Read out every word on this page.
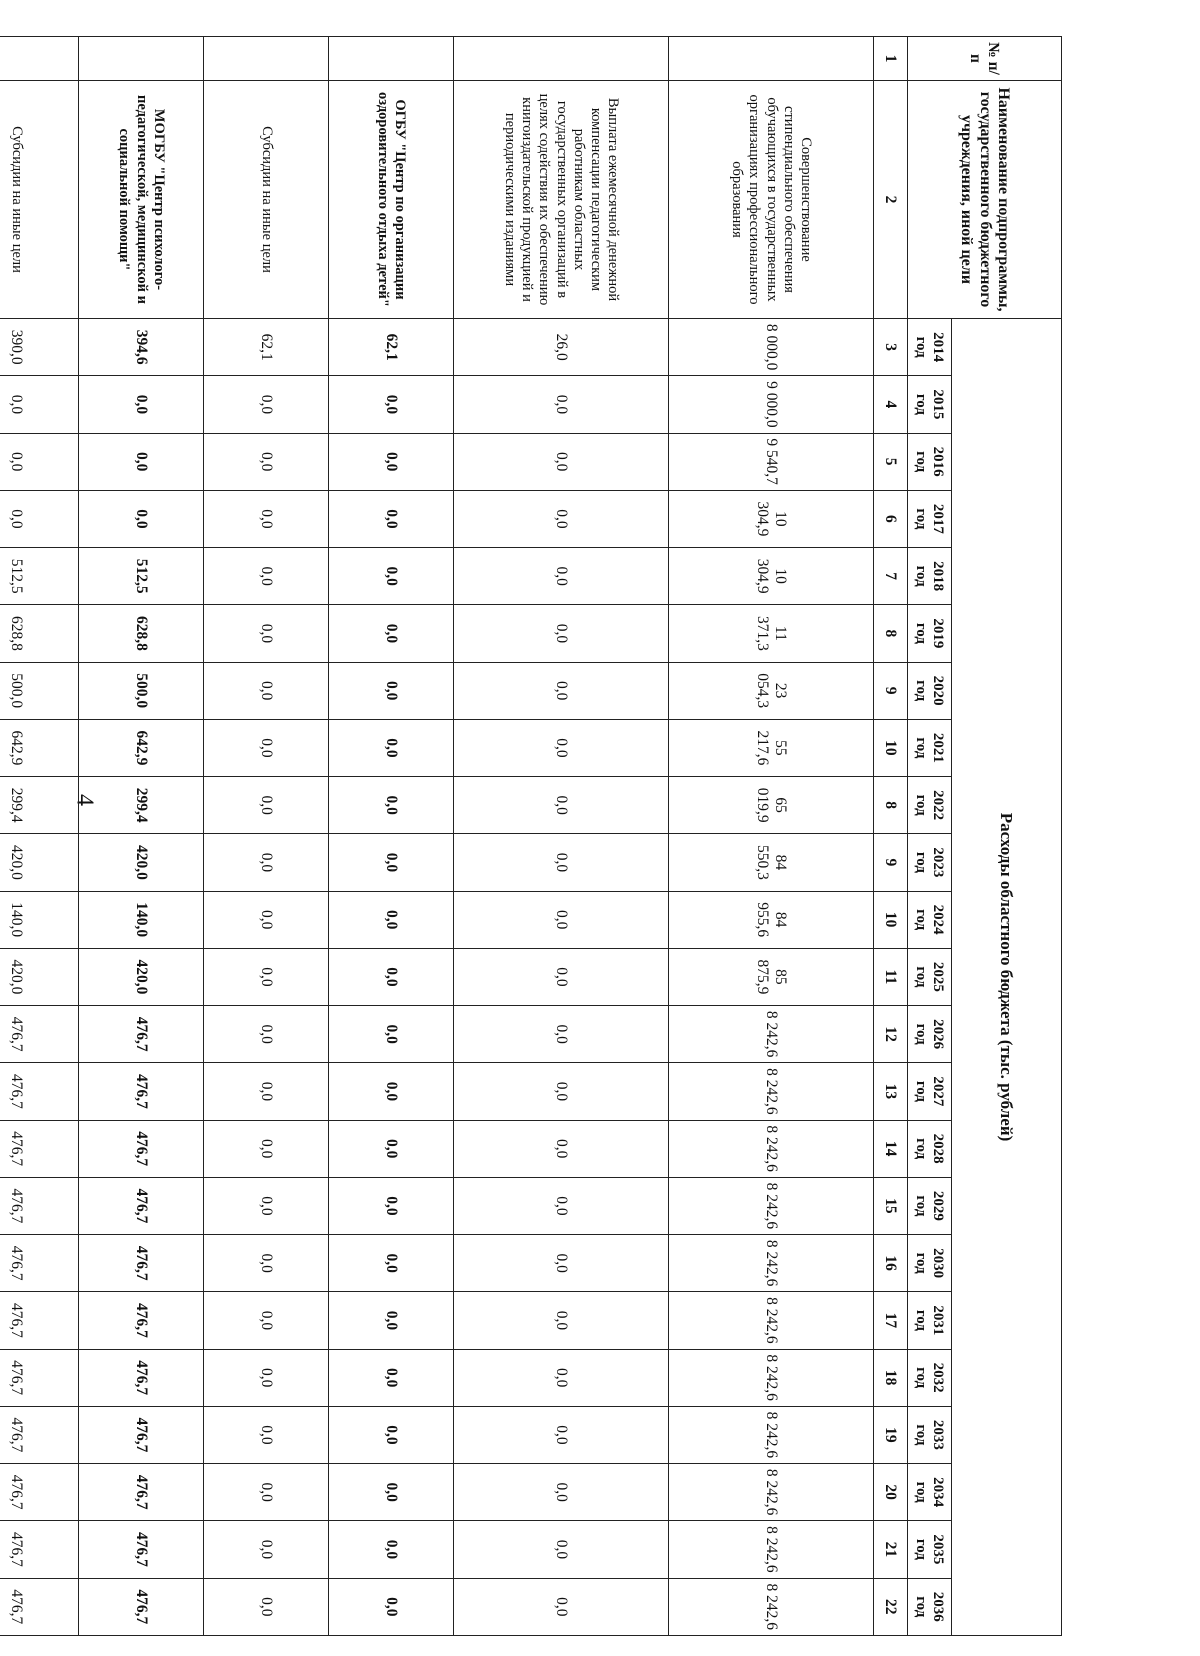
4
№ п/п	Наименование подпрограммы, государственного бюджетного учреждения, иной цели	Расходы областного бюджета (тыс. рублей)																						
		2014 год	2015 год	2016 год	2017 год	2018 год	2019 год	2020 год	2021 год	2022 год	2023 год	2024 год	2025 год	2026 год	2027 год	2028 год	2029 год	2030 год	2031 год	2032 год	2033 год	2034 год	2035 год	2036 год
1	2	3	4	5	6	7	8	9	10	8	9	10	11	12	13	14	15	16	17	18	19	20	21	22
	Совершенствование стипендиального обеспечения обучающихся в государственных организациях профессионального образования	8 000,0	9 000,0	9 540,7	10 304,9	10 304,9	11 371,3	23 054,3	55 217,6	65 019,9	84 550,3	84 955,6	85 875,9	8 242,6	8 242,6	8 242,6	8 242,6	8 242,6	8 242,6	8 242,6	8 242,6	8 242,6	8 242,6	8 242,6
	Выплата ежемесячной денежной компенсации педагогическим работникам областных государственных организаций в целях содействия их обеспечению книгоиздательской продукцией и периодическими изданиями	26,0	0,0	0,0	0,0	0,0	0,0	0,0	0,0	0,0	0,0	0,0	0,0	0,0	0,0	0,0	0,0	0,0	0,0	0,0	0,0	0,0	0,0	0,0
	ОГБУ "Центр по организации оздоровительного отдыха детей"	62,1	0,0	0,0	0,0	0,0	0,0	0,0	0,0	0,0	0,0	0,0	0,0	0,0	0,0	0,0	0,0	0,0	0,0	0,0	0,0	0,0	0,0	0,0
	Субсидии на иные цели	62,1	0,0	0,0	0,0	0,0	0,0	0,0	0,0	0,0	0,0	0,0	0,0	0,0	0,0	0,0	0,0	0,0	0,0	0,0	0,0	0,0	0,0	0,0
	МОГБУ "Центр психолого-педагогической, медицинской и социальной помощи"	394,6	0,0	0,0	0,0	512,5	628,8	500,0	642,9	299,4	420,0	140,0	420,0	476,7	476,7	476,7	476,7	476,7	476,7	476,7	476,7	476,7	476,7	476,7
	Субсидии на иные цели	390,0	0,0	0,0	0,0	512,5	628,8	500,0	642,9	299,4	420,0	140,0	420,0	476,7	476,7	476,7	476,7	476,7	476,7	476,7	476,7	476,7	476,7	476,7
